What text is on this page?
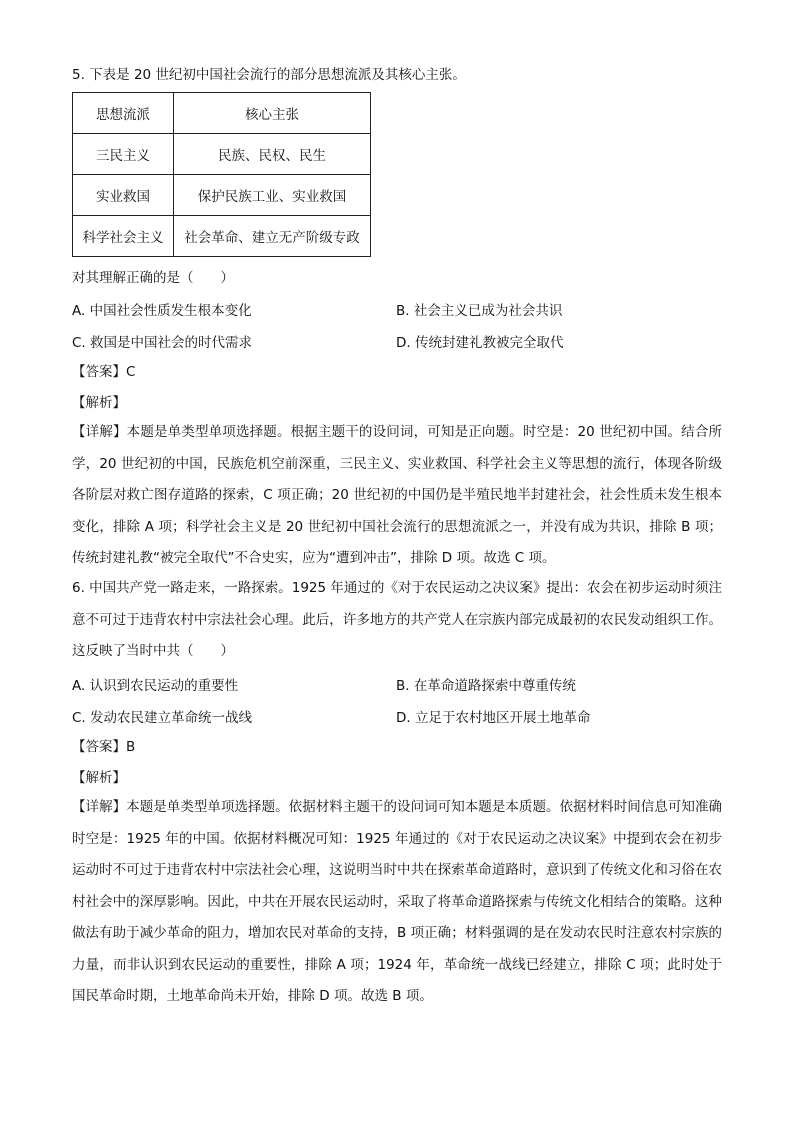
5. 下表是 20 世纪初中国社会流行的部分思想流派及其核心主张。
思想流派	核心主张
三民主义	民族、民权、民生
实业救国	保护民族工业、实业救国
科学社会主义	社会革命、建立无产阶级专政
对其理解正确的是（　　）
A. 中国社会性质发生根本变化	B. 社会主义已成为社会共识
C. 救国是中国社会的时代需求	D. 传统封建礼教被完全取代
【答案】C
【解析】
【详解】本题是单类型单项选择题。根据主题干的设问词，可知是正向题。时空是：20 世纪初中国。结合所学，20 世纪初的中国，民族危机空前深重，三民主义、实业救国、科学社会主义等思想的流行，体现各阶级各阶层对救亡图存道路的探索，C 项正确；20 世纪初的中国仍是半殖民地半封建社会，社会性质未发生根本变化，排除 A 项；科学社会主义是 20 世纪初中国社会流行的思想流派之一，并没有成为共识，排除 B 项；传统封建礼教“被完全取代”不合史实，应为“遭到冲击”，排除 D 项。故选 C 项。
6. 中国共产党一路走来，一路探索。1925 年通过的《对于农民运动之决议案》提出：农会在初步运动时须注意不可过于违背农村中宗法社会心理。此后，许多地方的共产党人在宗族内部完成最初的农民发动组织工作。这反映了当时中共（　　）
A. 认识到农民运动的重要性	B. 在革命道路探索中尊重传统
C. 发动农民建立革命统一战线	D. 立足于农村地区开展土地革命
【答案】B
【解析】
【详解】本题是单类型单项选择题。依据材料主题干的设问词可知本题是本质题。依据材料时间信息可知准确时空是：1925 年的中国。依据材料概况可知：1925 年通过的《对于农民运动之决议案》中提到农会在初步运动时不可过于违背农村中宗法社会心理，这说明当时中共在探索革命道路时，意识到了传统文化和习俗在农村社会中的深厚影响。因此，中共在开展农民运动时，采取了将革命道路探索与传统文化相结合的策略。这种做法有助于减少革命的阻力，增加农民对革命的支持，B 项正确；材料强调的是在发动农民时注意农村宗族的力量，而非认识到农民运动的重要性，排除 A 项；1924 年，革命统一战线已经建立，排除 C 项；此时处于国民革命时期，土地革命尚未开始，排除 D 项。故选 B 项。
